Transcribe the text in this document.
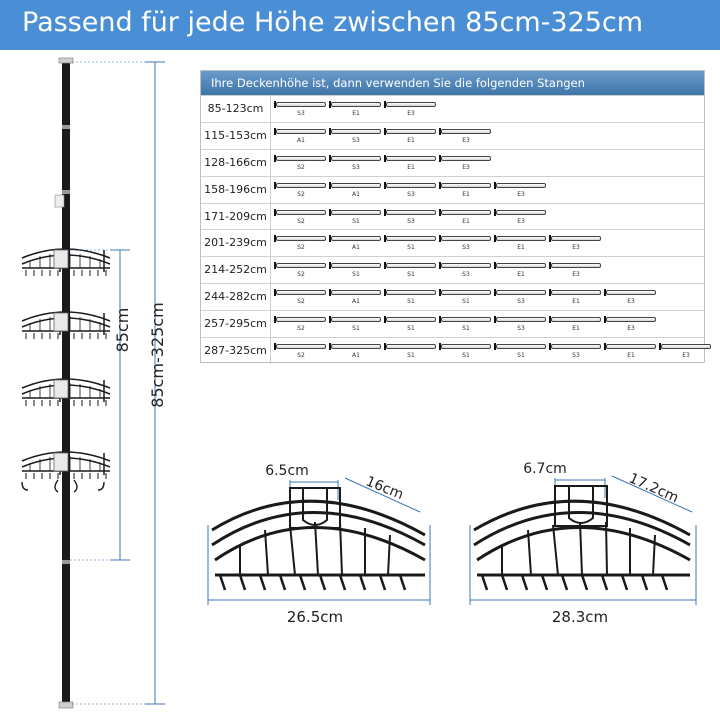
Passend für jede Höhe zwischen 85cm-325cm
85cm 85cm-325cm
6.5cm
16cm
26.5cm
6.7cm
17.2cm
28.3cm
Ihre Deckenhöhe ist, dann verwenden Sie die folgenden Stangen
85-123cm	S3	E1	E3
115-153cm	A1	S3	E1	E3
128-166cm	S2	S3	E1	E3
158-196cm	S2	A1	S3	E1	E3
171-209cm	S2	S1	S3	E1	E3
201-239cm	S2	A1	S1	S3	E1	E3
214-252cm	S2	S1	S1	S3	E1	E3
244-282cm	S2	A1	S1	S1	S3	E1	E3
257-295cm	S2	S1	S1	S1	S3	E1	E3
287-325cm	S2	A1	S1	S1	S1	S3	E1	E3
